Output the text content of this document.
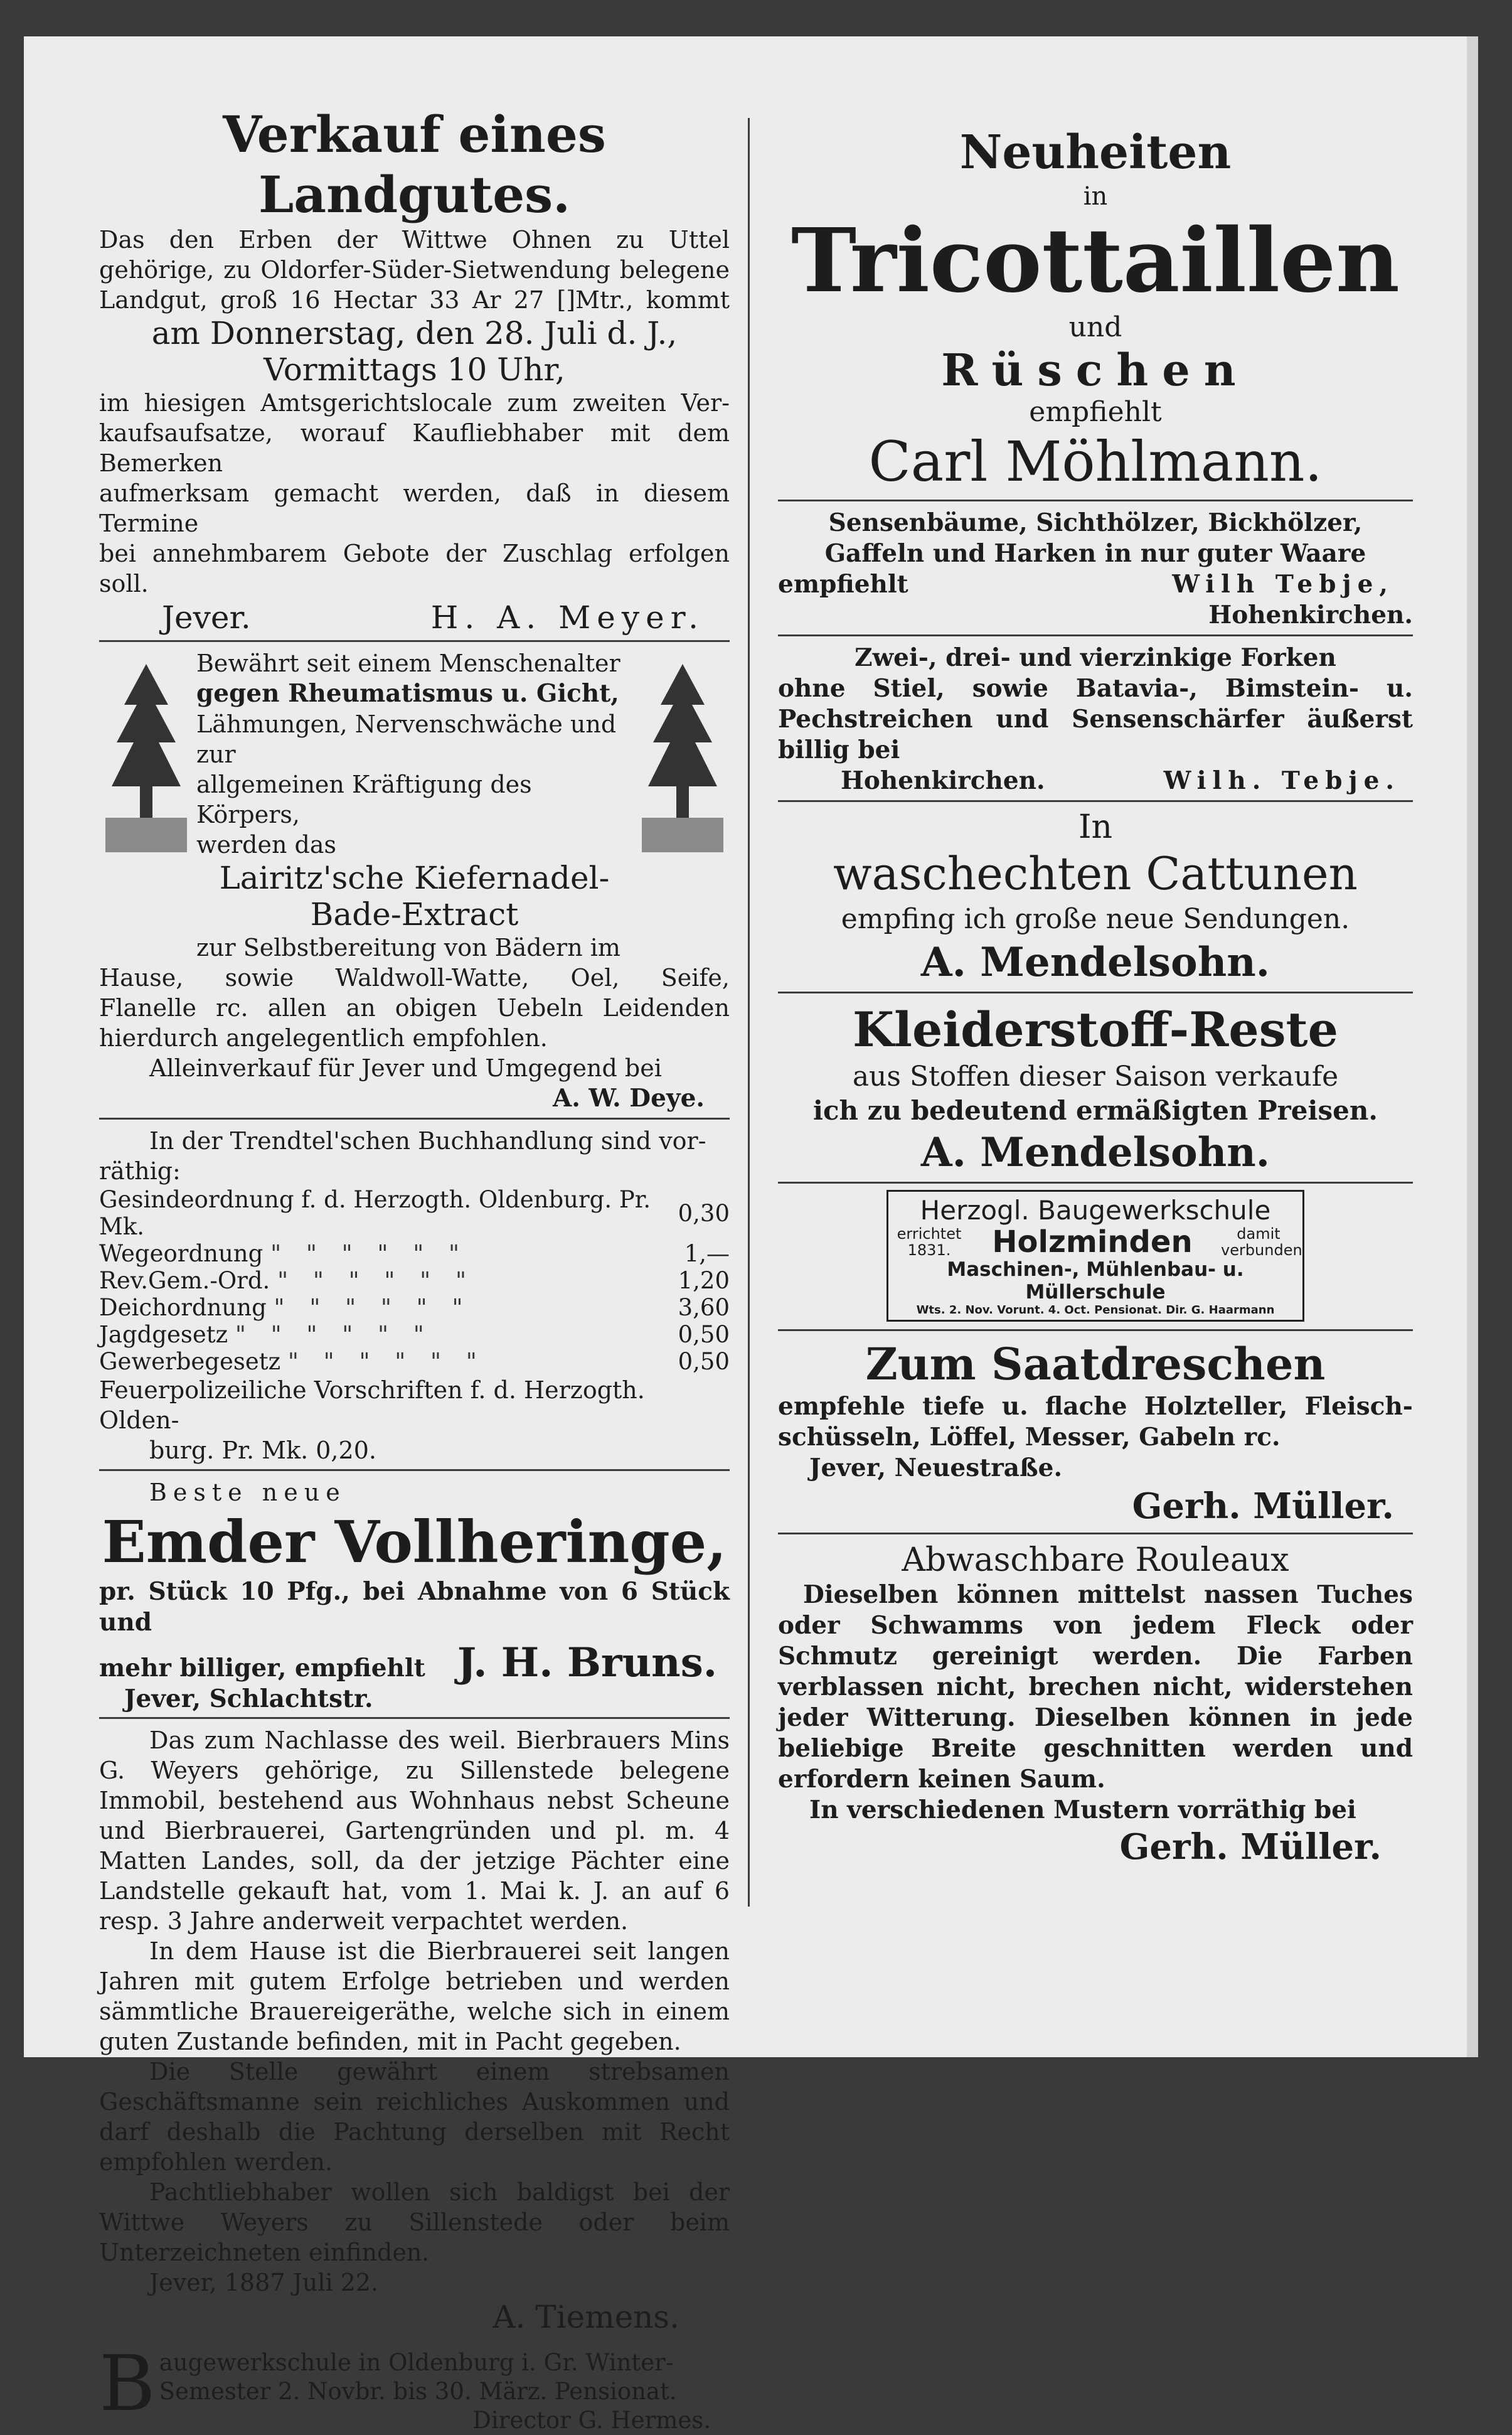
Verkauf eines Landgutes.

Das den Erben der Wittwe Ohnen zu Uttel

gehörige, zu Oldorfer-Süder-Sietwendung belegene

Landgut, groß 16 Hectar 33 Ar 27 []Mtr., kommt

am Donnerstag, den 28. Juli d. J.,

Vormittags 10 Uhr,

im hiesigen Amtsgerichtslocale zum zweiten Ver-

kaufsaufsatze, worauf Kaufliebhaber mit dem Bemerken

aufmerksam gemacht werden, daß in diesem Termine

bei annehmbarem Gebote der Zuschlag erfolgen soll.

Jever.	H. A. Meyer.

Bewährt seit einem Menschenalter

gegen Rheumatismus u. Gicht,

Lähmungen, Nervenschwäche und zur

allgemeinen Kräftigung des Körpers,

werden das

Lairitz'sche Kiefernadel-

Bade-Extract

zur Selbstbereitung von Bädern im

Hause, sowie Waldwoll-Watte, Oel, Seife,

Flanelle rc. allen an obigen Uebeln Leidenden

hierdurch angelegentlich empfohlen.

Alleinverkauf für Jever und Umgegend bei

A. W. Deye.

In der Trendtel'schen Buchhandlung sind vor-

räthig:

Gesindeordnung f. d. Herzogth. Oldenburg. Pr. Mk.	0,30
Wegeordnung " " " " " "	1,—
Rev.Gem.-Ord. " " " " " "	1,20
Deichordnung " " " " " "	3,60
Jagdgesetz " " " " " "	0,50
Gewerbegesetz " " " " " "	0,50

Feuerpolizeiliche Vorschriften f. d. Herzogth. Olden-

burg. Pr. Mk. 0,20.

Beste neue

Emder Vollheringe,

pr. Stück 10 Pfg., bei Abnahme von 6 Stück und

mehr billiger, empfiehlt

Jever, Schlachtstr.

J. H. Bruns.

Das zum Nachlasse des weil. Bierbrauers Mins G. Weyers gehörige, zu Sillenstede belegene Immobil, bestehend aus Wohnhaus nebst Scheune und Bierbrauerei, Gartengründen und pl. m. 4 Matten Landes, soll, da der jetzige Pächter eine Landstelle gekauft hat, vom 1. Mai k. J. an auf 6 resp. 3 Jahre anderweit verpachtet werden.

In dem Hause ist die Bierbrauerei seit langen Jahren mit gutem Erfolge betrieben und werden sämmtliche Brauereigeräthe, welche sich in einem guten Zustande befinden, mit in Pacht gegeben.

Die Stelle gewährt einem strebsamen Geschäftsmanne sein reichliches Auskommen und darf deshalb die Pachtung derselben mit Recht empfohlen werden.

Pachtliebhaber wollen sich baldigst bei der Wittwe Weyers zu Sillenstede oder beim Unterzeichneten einfinden.

Jever, 1887 Juli 22.

A. Tiemens.

B augewerkschule in Oldenburg i. Gr. Winter-

Semester 2. Novbr. bis 30. März. Pensionat.

Director G. Hermes.

Neuheiten

in

Tricottaillen

und

Rüschen

empfiehlt

Carl Möhlmann.

Sensenbäume, Sichthölzer, Bickhölzer,

Gaffeln und Harken in nur guter Waare

empfiehlt	Wilh Tebje,

Hohenkirchen.

Zwei-, drei- und vierzinkige Forken

ohne Stiel, sowie Batavia-, Bimstein- u.

Pechstreichen und Sensenschärfer äußerst

billig bei

Hohenkirchen.	Wilh. Tebje.

In

waschechten Cattunen

empfing ich große neue Sendungen.

A. Mendelsohn.

Kleiderstoff-Reste

aus Stoffen dieser Saison verkaufe

ich zu bedeutend ermäßigten Preisen.

A. Mendelsohn.

Herzogl. Baugewerkschule

errichtet 1831.	Holzminden	damit verbunden

Maschinen-, Mühlenbau- u. Müllerschule

Wts. 2. Nov. Vorunt. 4. Oct. Pensionat. Dir. G. Haarmann

Zum Saatdreschen

empfehle tiefe u. flache Holzteller, Fleisch-

schüsseln, Löffel, Messer, Gabeln rc.

Jever, Neuestraße.

Gerh. Müller.

Abwaschbare Rouleaux

Dieselben können mittelst nassen Tuches oder Schwamms von jedem Fleck oder Schmutz gereinigt werden. Die Farben verblassen nicht, brechen nicht, widerstehen jeder Witterung. Dieselben können in jede beliebige Breite geschnitten werden und erfordern keinen Saum.

In verschiedenen Mustern vorräthig bei

Gerh. Müller.
